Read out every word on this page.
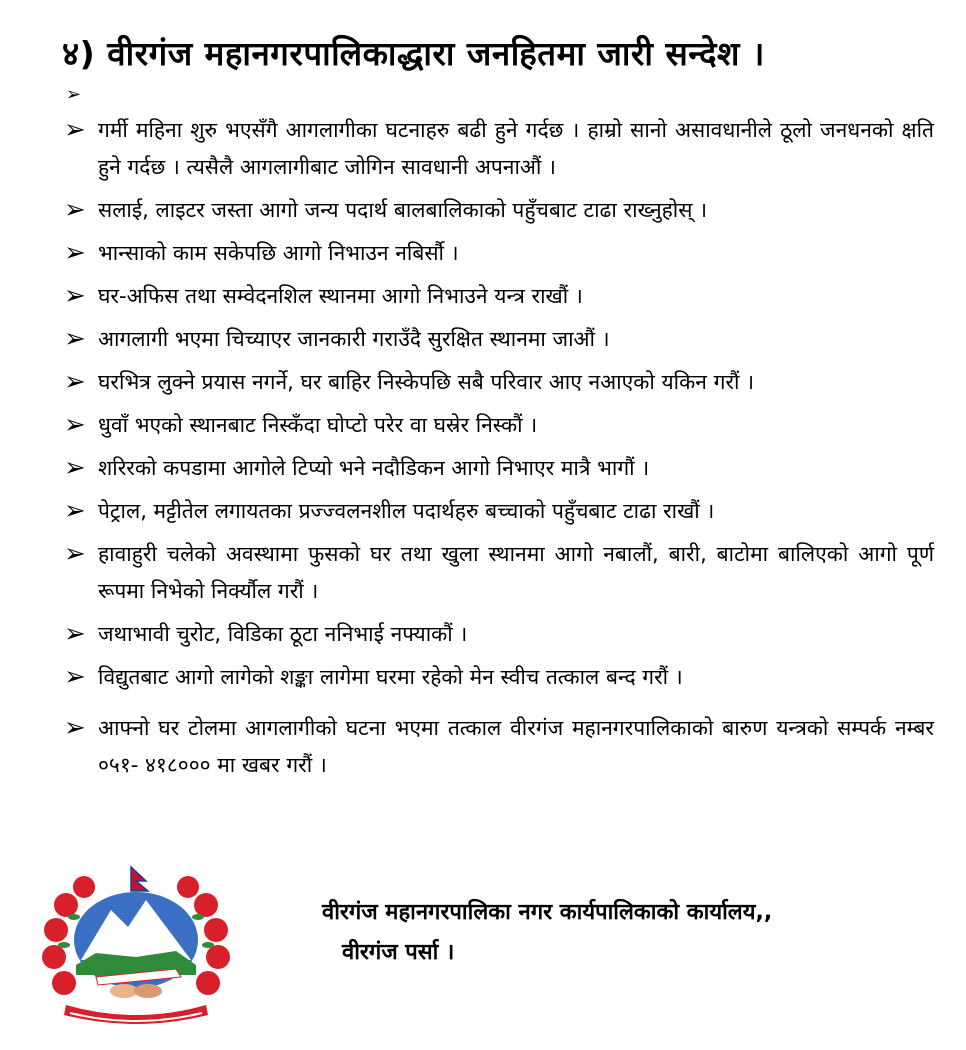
४) वीरगंज महानगरपालिकाद्धारा जनहितमा जारी सन्देश ।
➢
➢ गर्मी महिना शुरु भएसँगै आगलागीका घटनाहरु बढी हुने गर्दछ । हाम्रो सानो असावधानीले ठूलो जनधनको क्षति हुने गर्दछ । त्यसैलै आगलागीबाट जोगिन सावधानी अपनाऔं ।
➢ सलाई, लाइटर जस्ता आगो जन्य पदार्थ बालबालिकाको पहुँचबाट टाढा राख्नुहोस् ।
➢ भान्साको काम सकेपछि आगो निभाउन नबिर्सौ ।
➢ घर-अफिस तथा सम्वेदनशिल स्थानमा आगो निभाउने यन्त्र राखौं ।
➢ आगलागी भएमा चिच्याएर जानकारी गराउँदै सुरक्षित स्थानमा जाऔं ।
➢ घरभित्र लुक्ने प्रयास नगर्ने, घर बाहिर निस्केपछि सबै परिवार आए नआएको यकिन गरौं ।
➢ धुवाँ भएको स्थानबाट निस्कँदा घोप्टो परेर वा घस्रेर निस्कौं ।
➢ शरिरको कपडामा आगोले टिप्यो भने नदौडिकन आगो निभाएर मात्रै भागौं ।
➢ पेट्राल, मट्टीतेल लगायतका प्रज्ज्वलनशील पदार्थहरु बच्चाको पहुँचबाट टाढा राखौं ।
➢ हावाहुरी चलेको अवस्थामा फुसको घर तथा खुला स्थानमा आगो नबालौं, बारी, बाटोमा बालिएको आगो पूर्ण रूपमा निभेको निर्क्यौल गरौं ।
➢ जथाभावी चुरोट, विडिका ठूटा ननिभाई नफ्याकौं ।
➢ विद्युतबाट आगो लागेको शङ्का लागेमा घरमा रहेको मेन स्वीच तत्काल बन्द गरौं ।
➢ आफ्नो घर टोलमा आगलागीको घटना भएमा तत्काल वीरगंज महानगरपालिकाको बारुण यन्त्रको सम्पर्क नम्बर ०५१- ४१८००० मा खबर गरौं ।
वीरगंज महानगरपालिका नगर कार्यपालिकाको कार्यालय,,
वीरगंज पर्सा ।
